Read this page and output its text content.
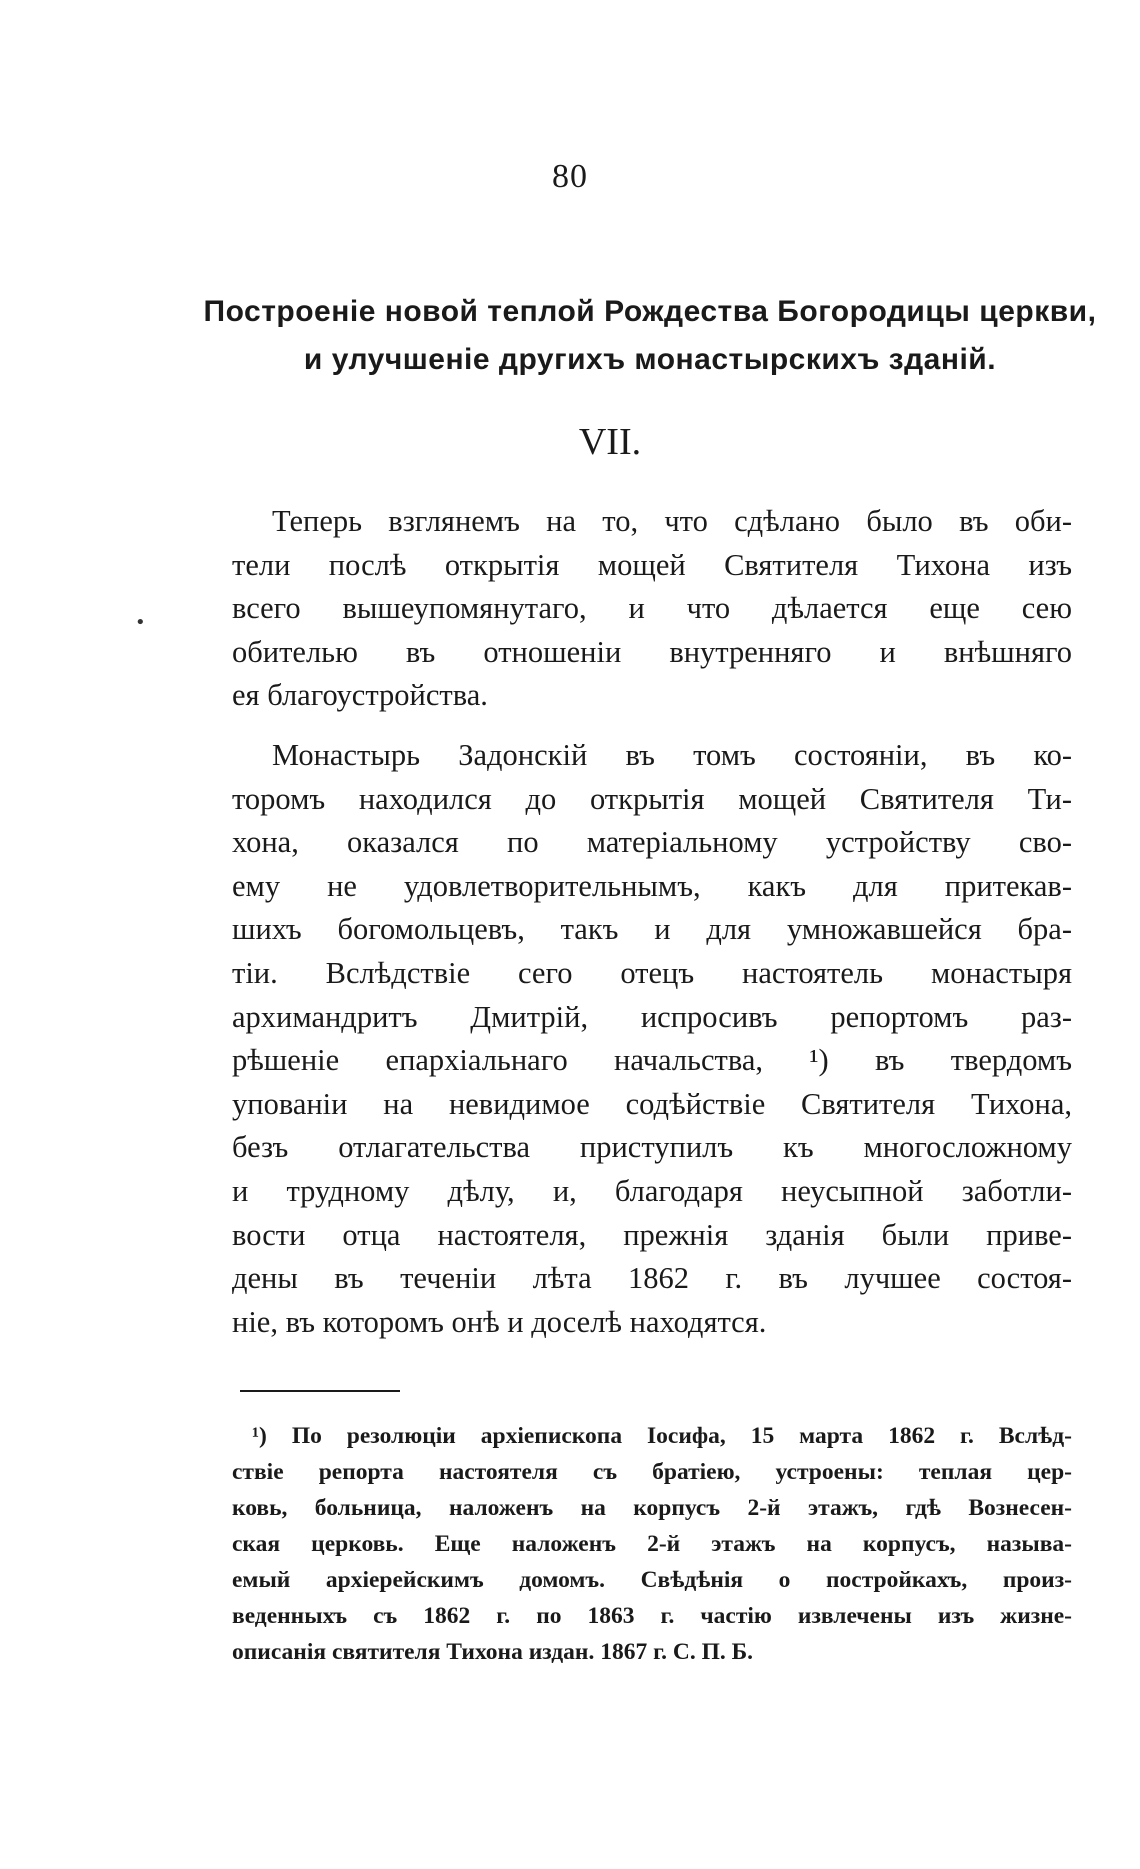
80
Построеніе новой теплой Рождества Богородицы церкви,
и улучшеніе другихъ монастырскихъ зданій.
VII.
•
Теперь взглянемъ на то, что сдѣлано было въ оби-
тели послѣ открытія мощей Святителя Тихона изъ
всего вышеупомянутаго, и что дѣлается еще сею
обителью въ отношеніи внутренняго и внѣшняго
ея благоустройства.
Монастырь Задонскій въ томъ состояніи, въ ко-
торомъ находился до открытія мощей Святителя Ти-
хона, оказался по матеріальному устройству сво-
ему не удовлетворительнымъ, какъ для притекав-
шихъ богомольцевъ, такъ и для умножавшейся бра-
тіи. Вслѣдствіе сего отецъ настоятель монастыря
архимандритъ Дмитрій, испросивъ репортомъ раз-
рѣшеніе епархіальнаго начальства, ¹) въ твердомъ
упованіи на невидимое содѣйствіе Святителя Тихона,
безъ отлагательства приступилъ къ многосложному
и трудному дѣлу, и, благодаря неусыпной заботли-
вости отца настоятеля, прежнія зданія были приве-
дены въ теченіи лѣта 1862 г. въ лучшее состоя-
ніе, въ которомъ онѣ и доселѣ находятся.
¹) По резолюціи архіепископа Іосифа, 15 марта 1862 г. Вслѣд-
ствіе репорта настоятеля съ братіею, устроены: теплая цер-
ковь, больница, наложенъ на корпусъ 2-й этажъ, гдѣ Вознесен-
ская церковь. Еще наложенъ 2-й этажъ на корпусъ, называ-
емый архіерейскимъ домомъ. Свѣдѣнія о постройкахъ, произ-
веденныхъ съ 1862 г. по 1863 г. частію извлечены изъ жизне-
описанія святителя Тихона издан. 1867 г. С. П. Б.
